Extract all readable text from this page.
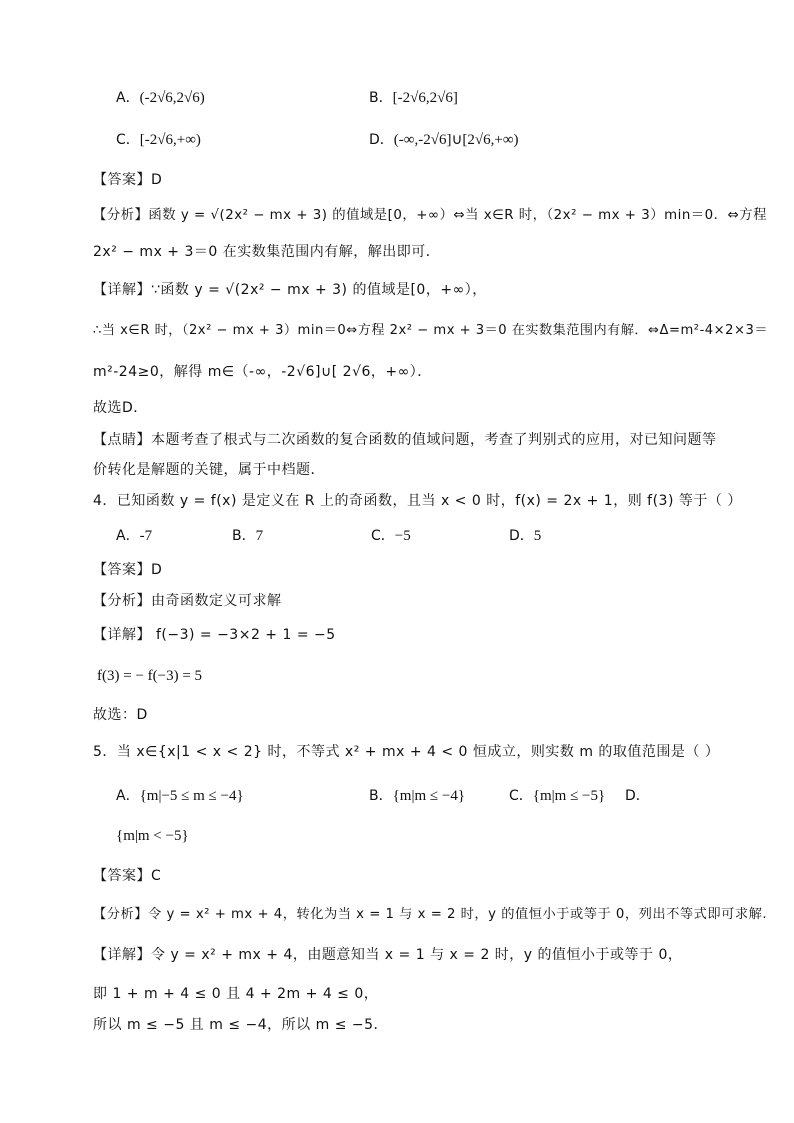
A．(-2√6,2√6)	B．[-2√6,2√6]
C．[-2√6,+∞)	D．(-∞,-2√6]∪[2√6,+∞)
【答案】D
【分析】函数 y = √(2x² − mx + 3) 的值域是[0，+∞）⇔当 x∈R 时，（2x² − mx + 3）min＝0．⇔方程
2x² − mx + 3＝0 在实数集范围内有解，解出即可．
【详解】∵函数 y = √(2x² − mx + 3) 的值域是[0，+∞），
∴当 x∈R 时，（2x² − mx + 3）min＝0⇔方程 2x² − mx + 3＝0 在实数集范围内有解．⇔Δ=m²-4×2×3＝
m²-24≥0，解得 m∈（-∞，-2√6]∪[ 2√6，+∞）．
故选D．
【点睛】本题考查了根式与二次函数的复合函数的值域问题，考查了判别式的应用，对已知问题等
价转化是解题的关键，属于中档题．
4．已知函数 y = f(x) 是定义在 R 上的奇函数，且当 x < 0 时，f(x) = 2x + 1，则 f(3) 等于（ ）
A．-7	B．7	C．−5	D．5
【答案】D
【分析】由奇函数定义可求解
【详解】 f(−3) = −3×2 + 1 = −5
f(3) = − f(−3) = 5
故选：D
5．当 x∈{x|1 < x < 2} 时，不等式 x² + mx + 4 < 0 恒成立，则实数 m 的取值范围是（ ）
A．{m|−5 ≤ m ≤ −4}	B．{m|m ≤ −4}	C．{m|m ≤ −5} D．
{m|m < −5}
【答案】C
【分析】令 y = x² + mx + 4，转化为当 x = 1 与 x = 2 时，y 的值恒小于或等于 0，列出不等式即可求解.
【详解】令 y = x² + mx + 4，由题意知当 x = 1 与 x = 2 时，y 的值恒小于或等于 0，
即 1 + m + 4 ≤ 0 且 4 + 2m + 4 ≤ 0，
所以 m ≤ −5 且 m ≤ −4，所以 m ≤ −5．
